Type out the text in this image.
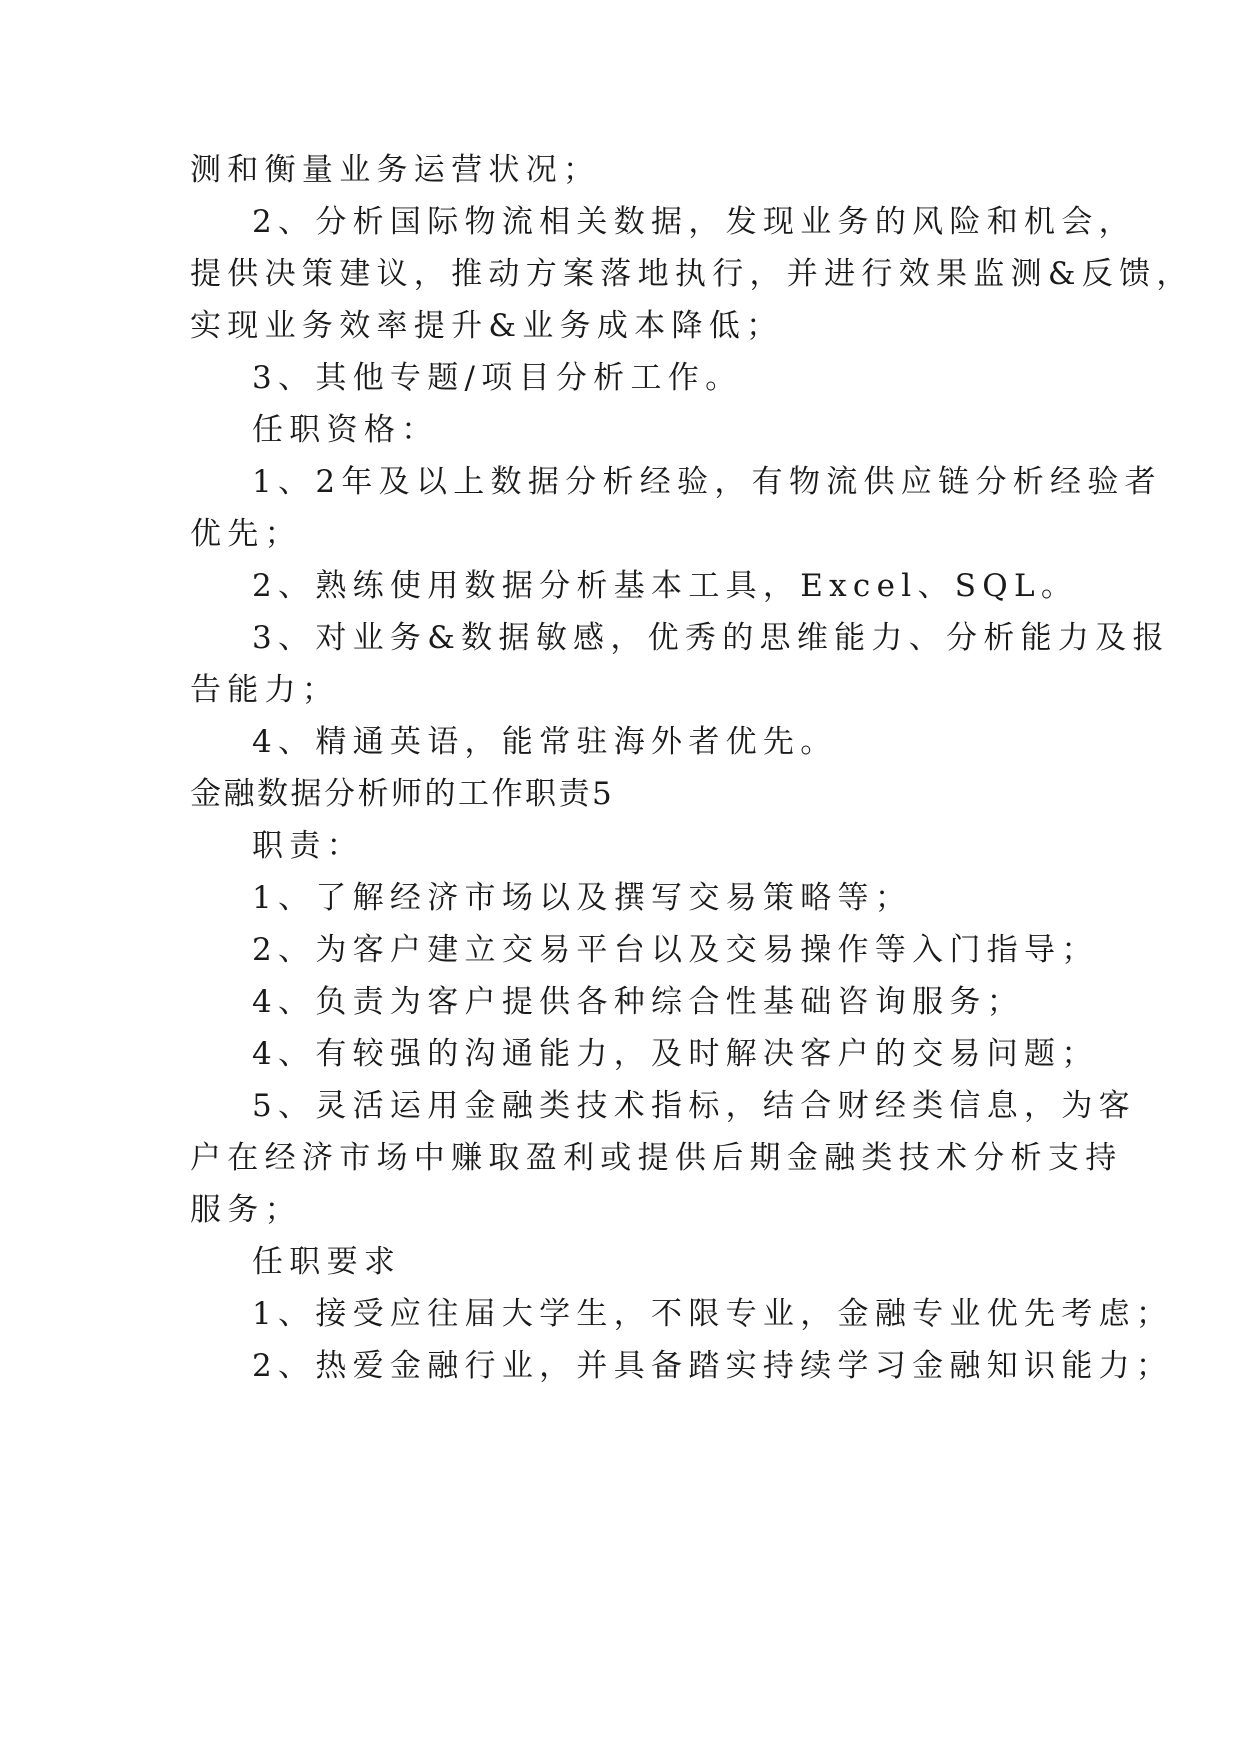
测和衡量业务运营状况；
2、分析国际物流相关数据，发现业务的风险和机会，
提供决策建议，推动方案落地执行，并进行效果监测&反馈，
实现业务效率提升&业务成本降低；
3、其他专题/项目分析工作。
任职资格：
1、2年及以上数据分析经验，有物流供应链分析经验者
优先；
2、熟练使用数据分析基本工具，Excel、SQL。
3、对业务&数据敏感，优秀的思维能力、分析能力及报
告能力；
4、精通英语，能常驻海外者优先。
金融数据分析师的工作职责5
职责：
1、了解经济市场以及撰写交易策略等；
2、为客户建立交易平台以及交易操作等入门指导；
4、负责为客户提供各种综合性基础咨询服务；
4、有较强的沟通能力，及时解决客户的交易问题；
5、灵活运用金融类技术指标，结合财经类信息，为客
户在经济市场中赚取盈利或提供后期金融类技术分析支持
服务；
任职要求
1、接受应往届大学生，不限专业，金融专业优先考虑；
2、热爱金融行业，并具备踏实持续学习金融知识能力；
